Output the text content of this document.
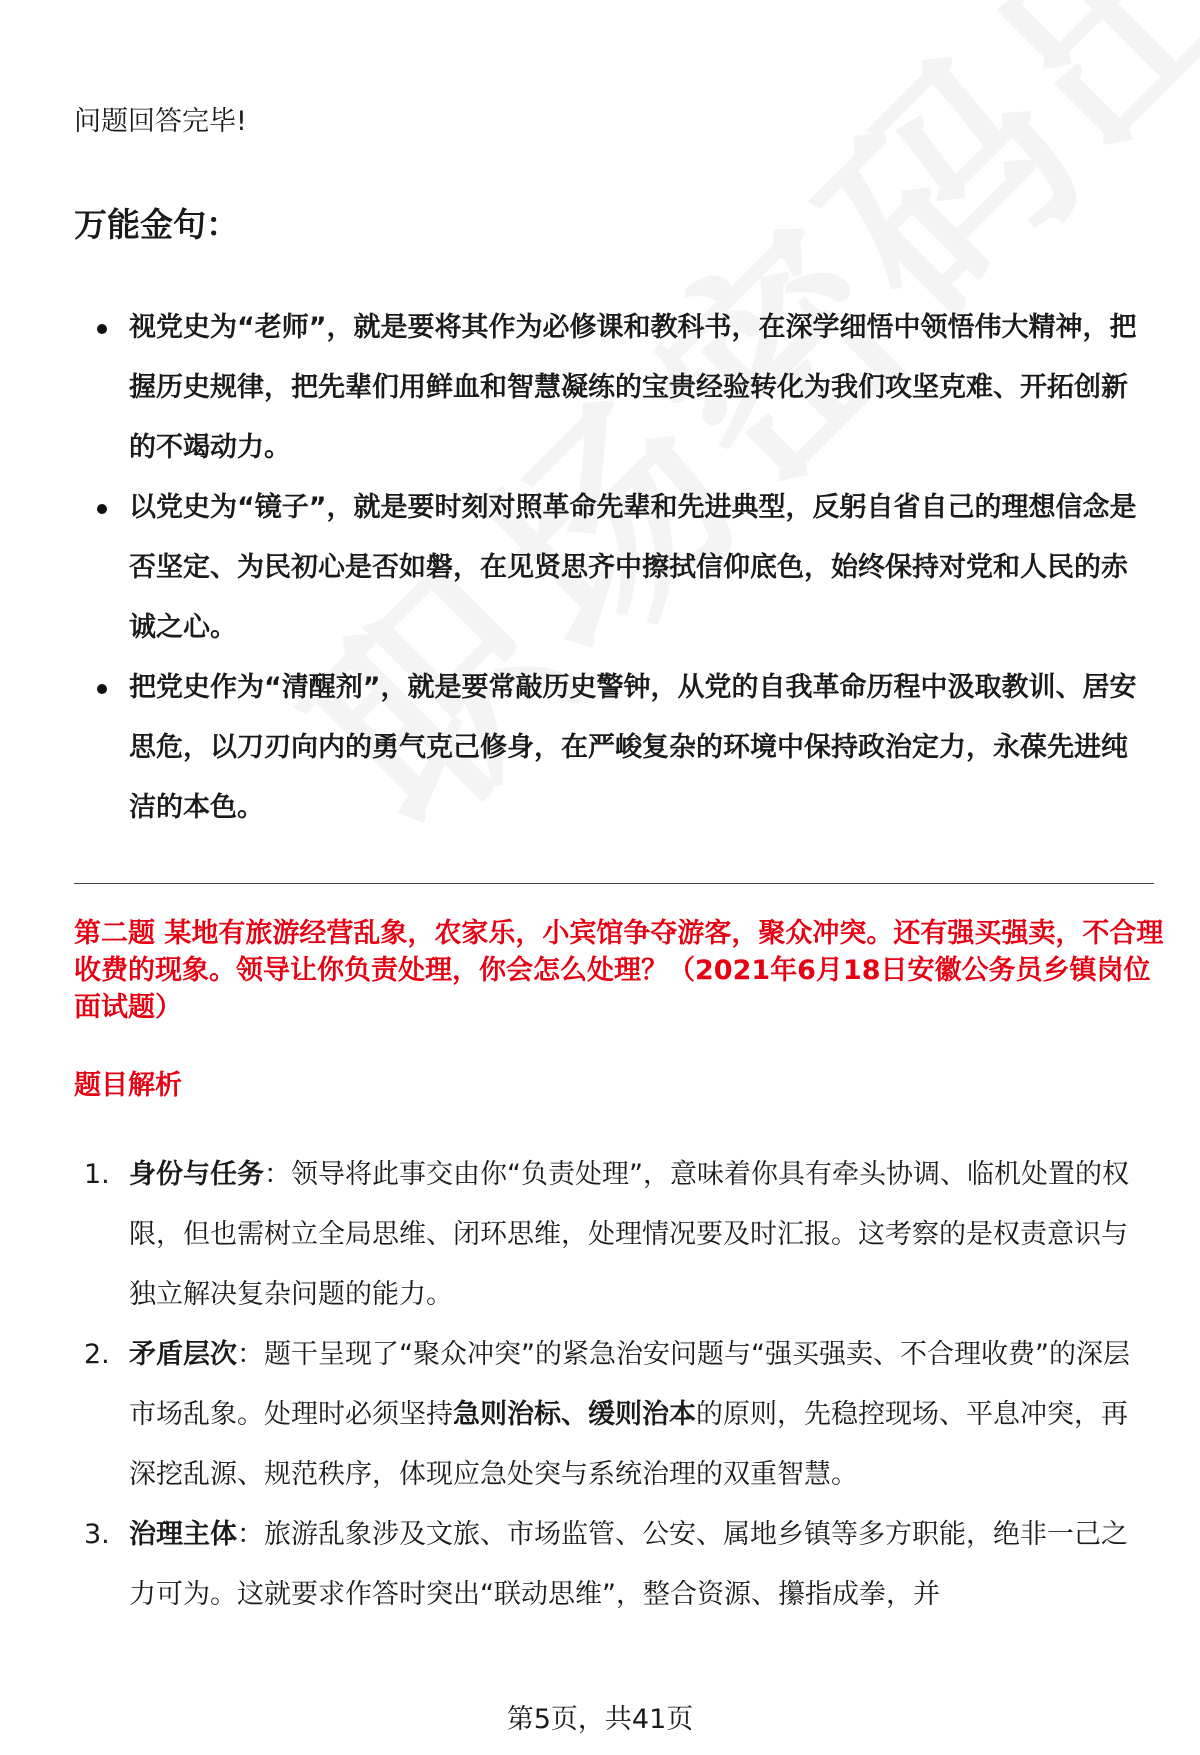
问题回答完毕!
万能金句：
视党史为“老师”，就是要将其作为必修课和教科书，在深学细悟中领悟伟大精神，把握历史规律，把先辈们用鲜血和智慧凝练的宝贵经验转化为我们攻坚克难、开拓创新的不竭动力。
以党史为“镜子”，就是要时刻对照革命先辈和先进典型，反躬自省自己的理想信念是否坚定、为民初心是否如磐，在见贤思齐中擦拭信仰底色，始终保持对党和人民的赤诚之心。
把党史作为“清醒剂”，就是要常敲历史警钟，从党的自我革命历程中汲取教训、居安思危，以刀刃向内的勇气克己修身，在严峻复杂的环境中保持政治定力，永葆先进纯洁的本色。
第二题 某地有旅游经营乱象，农家乐，小宾馆争夺游客，聚众冲突。还有强买强卖，不合理收费的现象。领导让你负责处理，你会怎么处理？（2021年6月18日安徽公务员乡镇岗位面试题）
题目解析
1. 身份与任务：领导将此事交由你“负责处理”，意味着你具有牵头协调、临机处置的权限，但也需树立全局思维、闭环思维，处理情况要及时汇报。这考察的是权责意识与独立解决复杂问题的能力。
2. 矛盾层次：题干呈现了“聚众冲突”的紧急治安问题与“强买强卖、不合理收费”的深层市场乱象。处理时必须坚持急则治标、缓则治本的原则，先稳控现场、平息冲突，再深挖乱源、规范秩序，体现应急处突与系统治理的双重智慧。
3. 治理主体：旅游乱象涉及文旅、市场监管、公安、属地乡镇等多方职能，绝非一己之力可为。这就要求作答时突出“联动思维”，整合资源、攥指成拳，并
第5页，共41页
